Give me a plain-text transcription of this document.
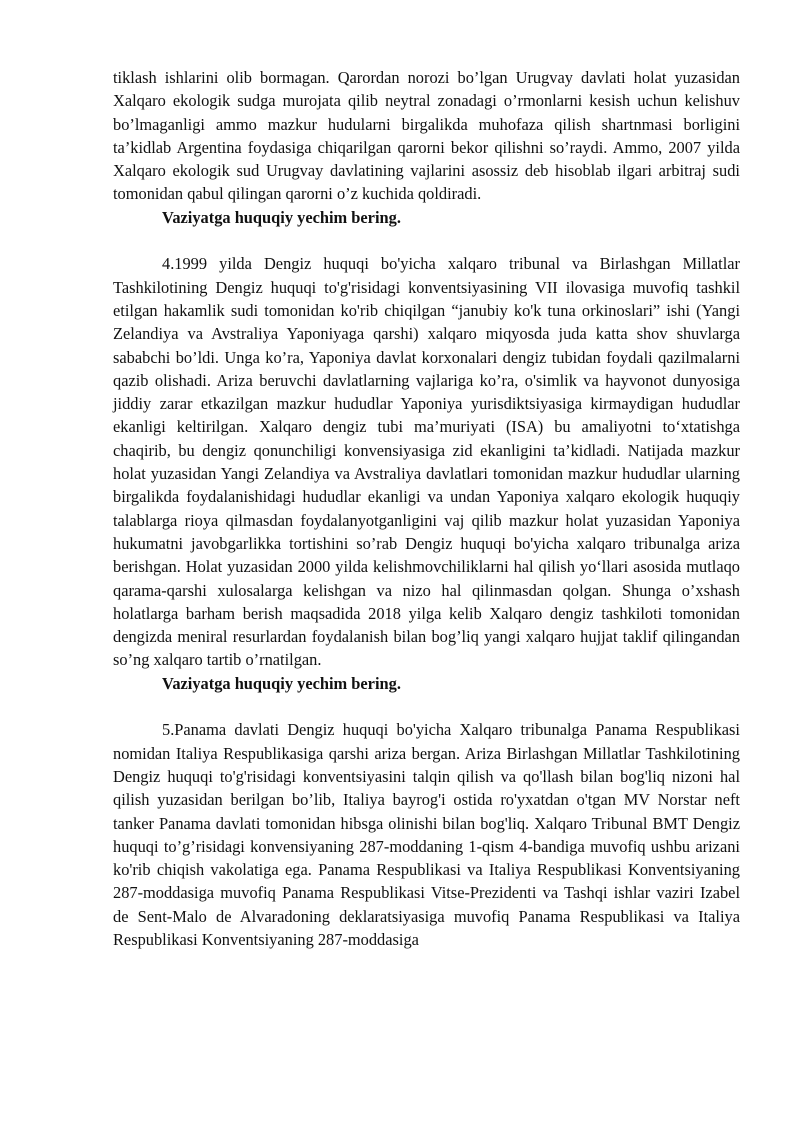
tiklash ishlarini olib bormagan. Qarordan norozi bo’lgan Urugvay davlati holat yuzasidan Xalqaro ekologik sudga murojata qilib neytral zonadagi o’rmonlarni kesish uchun kelishuv bo’lmaganligi ammo mazkur hudularni birgalikda muhofaza qilish shartnmasi borligini ta’kidlab Argentina foydasiga chiqarilgan qarorni bekor qilishni so’raydi. Ammo, 2007 yilda Xalqaro ekologik sud Urugvay davlatining vajlarini asossiz deb hisoblab ilgari arbitraj sudi tomonidan qabul qilingan qarorni o’z kuchida qoldiradi.

Vaziyatga huquqiy yechim bering.

4.1999 yilda Dengiz huquqi bo'yicha xalqaro tribunal va Birlashgan Millatlar Tashkilotining Dengiz huquqi to'g'risidagi konventsiyasining VII ilovasiga muvofiq tashkil etilgan hakamlik sudi tomonidan ko'rib chiqilgan “janubiy ko'k tuna orkinoslari” ishi (Yangi Zelandiya va Avstraliya Yaponiyaga qarshi) xalqaro miqyosda juda katta shov shuvlarga sababchi bo’ldi. Unga ko’ra, Yaponiya davlat korxonalari dengiz tubidan foydali qazilmalarni qazib olishadi. Ariza beruvchi davlatlarning vajlariga ko’ra, o'simlik va hayvonot dunyosiga jiddiy zarar etkazilgan mazkur hududlar Yaponiya yurisdiktsiyasiga kirmaydigan hududlar ekanligi keltirilgan. Xalqaro dengiz tubi ma’muriyati (ISA) bu amaliyotni to‘xtatishga chaqirib, bu dengiz qonunchiligi konvensiyasiga zid ekanligini ta’kidladi. Natijada mazkur holat yuzasidan Yangi Zelandiya va Avstraliya davlatlari tomonidan mazkur hududlar ularning birgalikda foydalanishidagi hududlar ekanligi va undan Yaponiya xalqaro ekologik huquqiy talablarga rioya qilmasdan foydalanyotganligini vaj qilib mazkur holat yuzasidan Yaponiya hukumatni javobgarlikka tortishini so’rab Dengiz huquqi bo'yicha xalqaro tribunalga ariza berishgan. Holat yuzasidan 2000 yilda kelishmovchiliklarni hal qilish yo‘llari asosida mutlaqo qarama-qarshi xulosalarga kelishgan va nizo hal qilinmasdan qolgan. Shunga o’xshash holatlarga barham berish maqsadida 2018 yilga kelib Xalqaro dengiz tashkiloti tomonidan dengizda meniral resurlardan foydalanish bilan bog’liq yangi xalqaro hujjat taklif qilingandan so’ng xalqaro tartib o’rnatilgan.

Vaziyatga huquqiy yechim bering.

5.Panama davlati Dengiz huquqi bo'yicha Xalqaro tribunalga Panama Respublikasi nomidan Italiya Respublikasiga qarshi ariza bergan. Ariza Birlashgan Millatlar Tashkilotining Dengiz huquqi to'g'risidagi konventsiyasini talqin qilish va qo'llash bilan bog'liq nizoni hal qilish yuzasidan berilgan bo’lib, Italiya bayrog'i ostida ro'yxatdan o'tgan MV Norstar neft tanker Panama davlati tomonidan hibsga olinishi bilan bog'liq. Xalqaro Tribunal BMT Dengiz huquqi to’g’risidagi konvensiyaning 287-moddaning 1-qism 4-bandiga muvofiq ushbu arizani ko'rib chiqish vakolatiga ega. Panama Respublikasi va Italiya Respublikasi Konventsiyaning 287-moddasiga muvofiq Panama Respublikasi Vitse-Prezidenti va Tashqi ishlar vaziri Izabel de Sent-Malo de Alvaradoning deklaratsiyasiga muvofiq Panama Respublikasi va Italiya Respublikasi Konventsiyaning 287-moddasiga
